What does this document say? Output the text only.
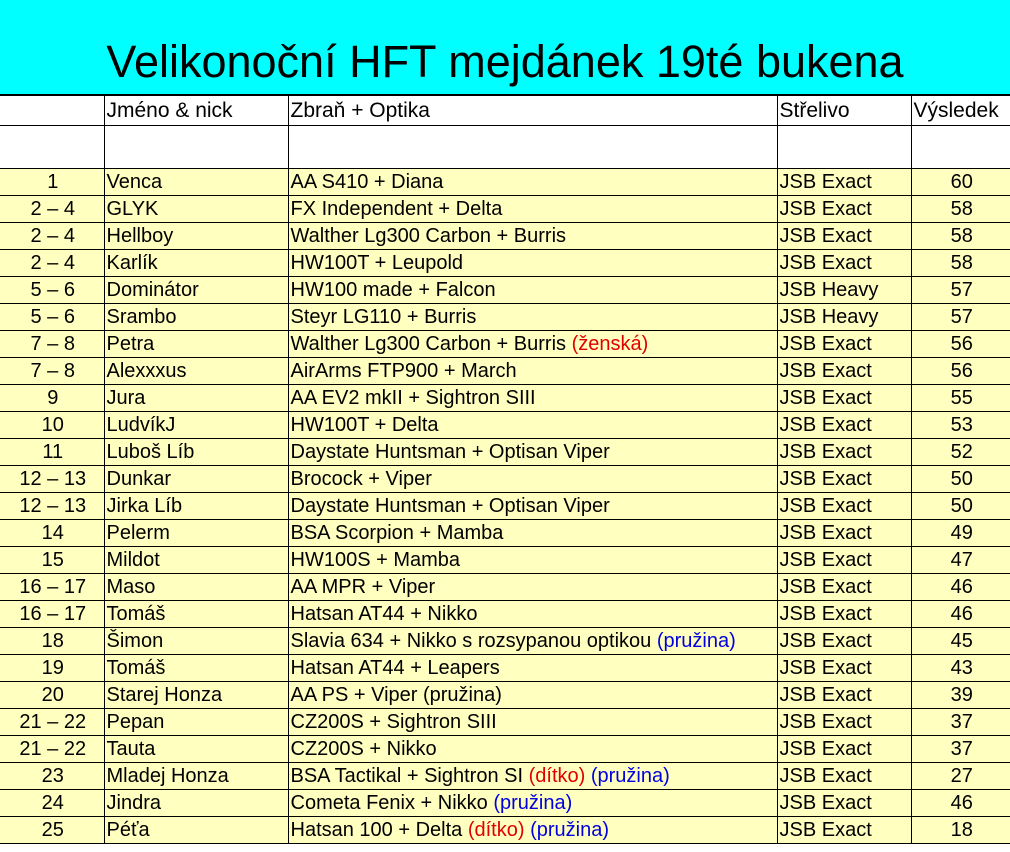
Velikonoční HFT mejdánek 19té bukena
	Jméno & nick	Zbraň + Optika	Střelivo	Výsledek

1	Venca	AA S410 + Diana	JSB Exact	60
2 – 4	GLYK	FX Independent + Delta	JSB Exact	58
2 – 4	Hellboy	Walther Lg300 Carbon + Burris	JSB Exact	58
2 – 4	Karlík	HW100T + Leupold	JSB Exact	58
5 – 6	Dominátor	HW100 made + Falcon	JSB Heavy	57
5 – 6	Srambo	Steyr LG110 + Burris	JSB Heavy	57
7 – 8	Petra	Walther Lg300 Carbon + Burris (ženská)	JSB Exact	56
7 – 8	Alexxxus	AirArms FTP900 + March	JSB Exact	56
9	Jura	AA EV2 mkII + Sightron SIII	JSB Exact	55
10	LudvíkJ	HW100T + Delta	JSB Exact	53
11	Luboš Líb	Daystate Huntsman + Optisan Viper	JSB Exact	52
12 – 13	Dunkar	Brocock + Viper	JSB Exact	50
12 – 13	Jirka Líb	Daystate Huntsman + Optisan Viper	JSB Exact	50
14	Pelerm	BSA Scorpion + Mamba	JSB Exact	49
15	Mildot	HW100S + Mamba	JSB Exact	47
16 – 17	Maso	AA MPR + Viper	JSB Exact	46
16 – 17	Tomáš	Hatsan AT44 + Nikko	JSB Exact	46
18	Šimon	Slavia 634 + Nikko s rozsypanou optikou (pružina)	JSB Exact	45
19	Tomáš	Hatsan AT44 + Leapers	JSB Exact	43
20	Starej Honza	AA PS + Viper (pružina)	JSB Exact	39
21 – 22	Pepan	CZ200S + Sightron SIII	JSB Exact	37
21 – 22	Tauta	CZ200S + Nikko	JSB Exact	37
23	Mladej Honza	BSA Tactikal + Sightron SI (dítko) (pružina)	JSB Exact	27
24	Jindra	Cometa Fenix + Nikko (pružina)	JSB Exact	46
25	Péťa	Hatsan 100 + Delta (dítko) (pružina)	JSB Exact	18
